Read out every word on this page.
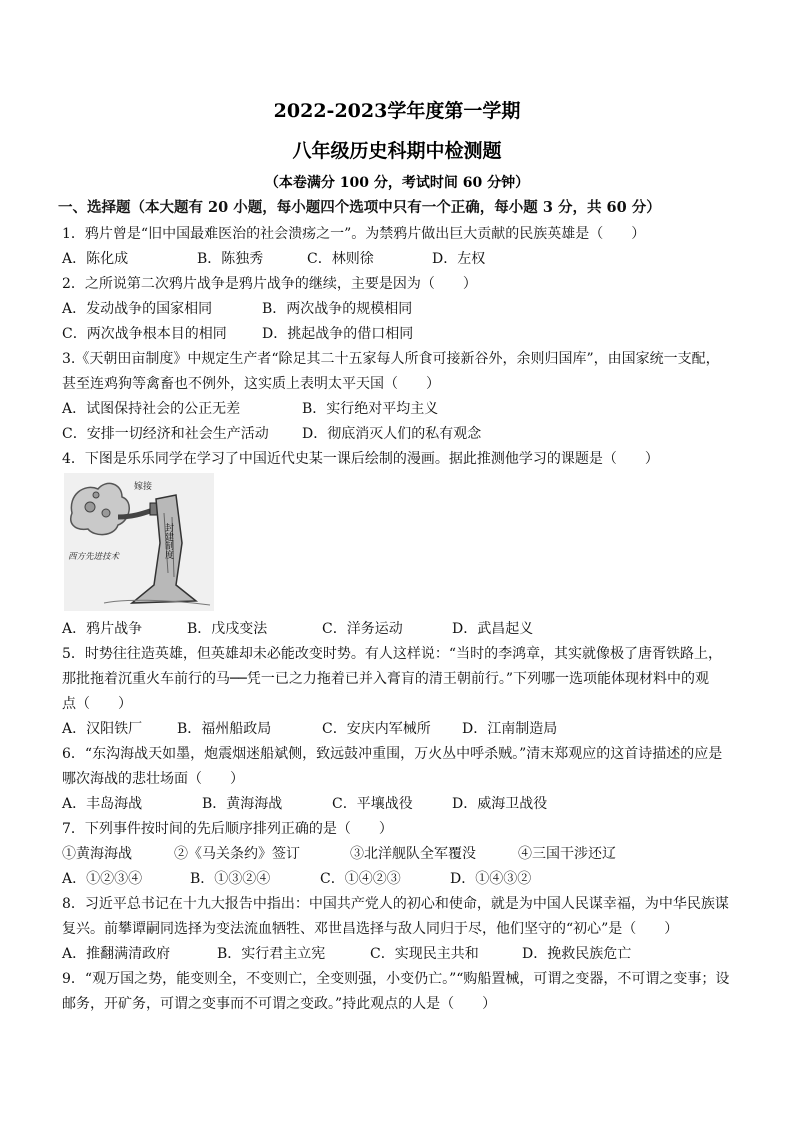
2022-2023学年度第一学期
八年级历史科期中检测题
（本卷满分 100 分，考试时间 60 分钟）
一、选择题（本大题有 20 小题，每小题四个选项中只有一个正确，每小题 3 分，共 60 分）
1．鸦片曾是“旧中国最难医治的社会溃疡之一”。为禁鸦片做出巨大贡献的民族英雄是（　　）
A．陈化成	B．陈独秀	C．林则徐	D．左权
2．之所说第二次鸦片战争是鸦片战争的继续，主要是因为（　　）
A．发动战争的国家相同	B．两次战争的规模相同
C．两次战争根本目的相同	D．挑起战争的借口相同
3.《天朝田亩制度》中规定生产者“除足其二十五家每人所食可接新谷外，余则归国库”，由国家统一支配，
甚至连鸡狗等禽畜也不例外，这实质上表明太平天国（　　）
A．试图保持社会的公正无差	B．实行绝对平均主义
C．安排一切经济和社会生产活动 D．彻底消灭人们的私有观念
4．下图是乐乐同学在学习了中国近代史某一课后绘制的漫画。据此推测他学习的课题是（　　）
嫁接
封建制度
西方先进技术
A．鸦片战争	B．戊戌变法	C．洋务运动	D．武昌起义
5．时势往往造英雄，但英雄却未必能改变时势。有人这样说：“当时的李鸿章，其实就像极了唐胥铁路上，
那批拖着沉重火车前行的马──凭一已之力拖着已并入膏肓的清王朝前行。”下列哪一选项能体现材料中的观
点（　　）
A．汉阳铁厂 B．福州船政局	C．安庆内军械所 D．江南制造局
6．“东沟海战天如墨，炮震烟迷船斌侧，致远鼓冲重围，万火丛中呼杀贼。”清末郑观应的这首诗描述的应是
哪次海战的悲壮场面（　　）
A．丰岛海战	B．黄海海战	C．平壤战役	D．威海卫战役
7．下列事件按时间的先后顺序排列正确的是（　　）
①黄海海战	②《马关条约》签订	③北洋舰队全军覆没	④三国干涉还辽
A．①②③④	B．①③②④	C．①④②③	D．①④③②
8．习近平总书记在十九大报告中指出：中国共产党人的初心和使命，就是为中国人民谋幸福，为中华民族谋
复兴。前攀谭嗣同选择为变法流血牺牲、邓世昌选择与敌人同归于尽，他们坚守的“初心”是（　　）
A．推翻满清政府	B．实行君主立宪	C．实现民主共和	D．挽救民族危亡
9．“观万国之势，能变则全，不变则亡，全变则强，小变仍亡。”“购船置械，可谓之变器，不可谓之变事；设
邮务，开矿务，可谓之变事而不可谓之变政。”持此观点的人是（　　）
